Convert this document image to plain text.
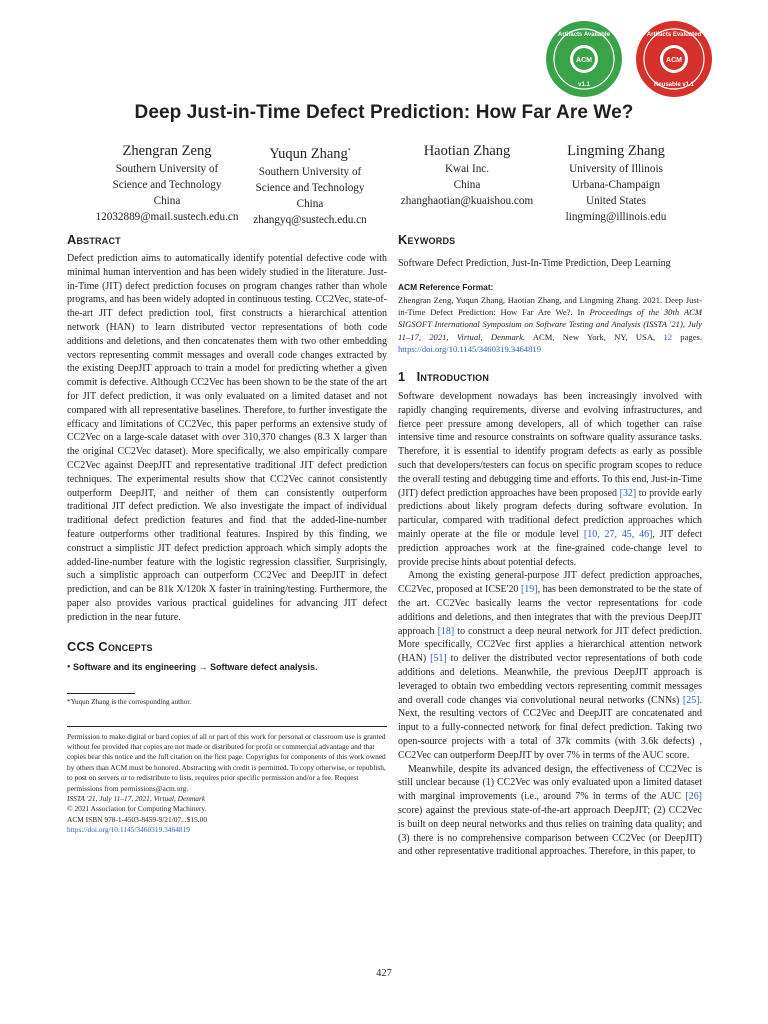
ACM
Artifacts Available
v1.1
ACM
Artifacts Evaluated
Reusable v1.1
Deep Just-in-Time Defect Prediction: How Far Are We?
Zhengran Zeng
Southern University of
Science and Technology
China
12032889@mail.sustech.edu.cn
Yuqun Zhang*
Southern University of
Science and Technology
China
zhangyq@sustech.edu.cn
Haotian Zhang
Kwai Inc.
China
zhanghaotian@kuaishou.com
Lingming Zhang
University of Illinois
Urbana-Champaign
United States
lingming@illinois.edu
Abstract

Defect prediction aims to automatically identify potential defective code with minimal human intervention and has been widely studied in the literature. Just-in-Time (JIT) defect prediction focuses on program changes rather than whole programs, and has been widely adopted in continuous testing. CC2Vec, state-of-the-art JIT defect prediction tool, first constructs a hierarchical attention network (HAN) to learn distributed vector representations of both code additions and deletions, and then concatenates them with two other embedding vectors representing commit messages and overall code changes extracted by the existing DeepJIT approach to train a model for predicting whether a given commit is defective. Although CC2Vec has been shown to be the state of the art for JIT defect prediction, it was only evaluated on a limited dataset and not compared with all representative baselines. Therefore, to further investigate the efficacy and limitations of CC2Vec, this paper performs an extensive study of CC2Vec on a large-scale dataset with over 310,370 changes (8.3 X larger than the original CC2Vec dataset). More specifically, we also empirically compare CC2Vec against DeepJIT and representative traditional JIT defect prediction techniques. The experimental results show that CC2Vec cannot consistently outperform DeepJIT, and neither of them can consistently outperform traditional JIT defect prediction. We also investigate the impact of individual traditional defect prediction features and find that the added-line-number feature outperforms other traditional features. Inspired by this finding, we construct a simplistic JIT defect prediction approach which simply adopts the added-line-number feature with the logistic regression classifier. Surprisingly, such a simplistic approach can outperform CC2Vec and DeepJIT in defect prediction, and can be 81k X/120k X faster in training/testing. Furthermore, the paper also provides various practical guidelines for advancing JIT defect prediction in the near future.

CCS Concepts
• Software and its engineering → Software defect analysis.
*Yuqun Zhang is the corresponding author.
Permission to make digital or hard copies of all or part of this work for personal or classroom use is granted without fee provided that copies are not made or distributed for profit or commercial advantage and that copies bear this notice and the full citation on the first page. Copyrights for components of this work owned by others than ACM must be honored. Abstracting with credit is permitted. To copy otherwise, or republish, to post on servers or to redistribute to lists, requires prior specific permission and/or a fee. Request permissions from permissions@acm.org.
ISSTA '21, July 11–17, 2021, Virtual, Denmark
© 2021 Association for Computing Machinery.
ACM ISBN 978-1-4503-8459-9/21/07...$15.00
https://doi.org/10.1145/3460319.3464819
Keywords
Software Defect Prediction, Just-In-Time Prediction, Deep Learning
ACM Reference Format:
Zhengran Zeng, Yuqun Zhang, Haotian Zhang, and Lingming Zhang. 2021. Deep Just-in-Time Defect Prediction: How Far Are We?. In Proceedings of the 30th ACM SIGSOFT International Symposium on Software Testing and Analysis (ISSTA '21), July 11–17, 2021, Virtual, Denmark. ACM, New York, NY, USA, 12 pages. https://doi.org/10.1145/3460319.3464819
1 Introduction

Software development nowadays has been increasingly involved with rapidly changing requirements, diverse and evolving infrastructures, and fierce peer pressure among developers, all of which together can raise intensive time and resource constraints on software quality assurance tasks. Therefore, it is essential to identify program defects as early as possible such that developers/testers can focus on specific program scopes to reduce the overall testing and debugging time and efforts. To this end, Just-in-Time (JIT) defect prediction approaches have been proposed [32] to provide early predictions about likely program defects during software evolution. In particular, compared with traditional defect prediction approaches which mainly operate at the file or module level [10, 27, 45, 46], JIT defect prediction approaches work at the fine-grained code-change level to provide precise hints about potential defects.

Among the existing general-purpose JIT defect prediction approaches, CC2Vec, proposed at ICSE'20 [19], has been demonstrated to be the state of the art. CC2Vec basically learns the vector representations for code additions and deletions, and then integrates that with the previous DeepJIT approach [18] to construct a deep neural network for JIT defect prediction. More specifically, CC2Vec first applies a hierarchical attention network (HAN) [51] to deliver the distributed vector representations of both code additions and deletions. Meanwhile, the previous DeepJIT approach is leveraged to obtain two embedding vectors representing commit messages and overall code changes via convolutional neural networks (CNNs) [25]. Next, the resulting vectors of CC2Vec and DeepJIT are concatenated and input to a fully-connected network for final defect prediction. Taking two open-source projects with a total of 37k commits (with 3.6k defects) , CC2Vec can outperform DeepJIT by over 7% in terms of the AUC score.

Meanwhile, despite its advanced design, the effectiveness of CC2Vec is still unclear because (1) CC2Vec was only evaluated upon a limited dataset with marginal improvements (i.e., around 7% in terms of the AUC [26] score) against the previous state-of-the-art approach DeepJIT; (2) CC2Vec is built on deep neural networks and thus relies on training data quality; and (3) there is no comprehensive comparison between CC2Vec (or DeepJIT) and other representative traditional approaches. Therefore, in this paper, to

427
